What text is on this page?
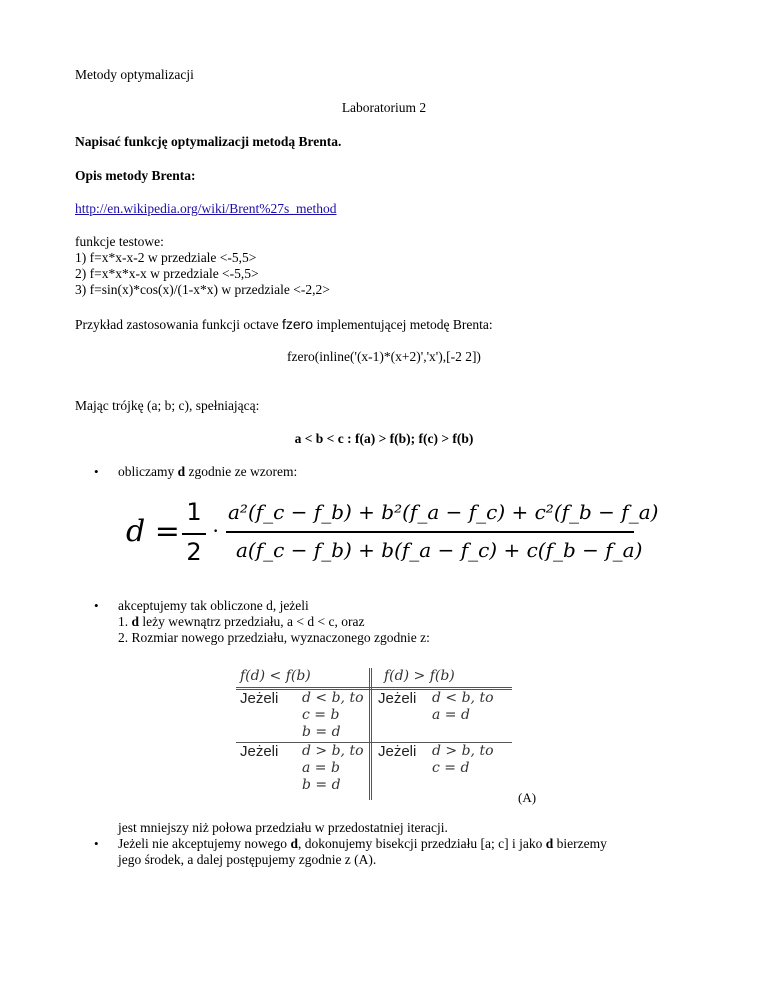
Metody optymalizacji
Laboratorium 2
Napisać funkcję optymalizacji metodą Brenta.
Opis metody Brenta:
http://en.wikipedia.org/wiki/Brent%27s_method
funkcje testowe:
1) f=x*x-x-2 w przedziale <-5,5>
2) f=x*x*x-x w przedziale <-5,5>
3) f=sin(x)*cos(x)/(1-x*x) w przedziale <-2,2>
Przykład zastosowania funkcji octave fzero implementującej metodę Brenta:
fzero(inline('(x-1)*(x+2)','x'),[-2 2])
Mając trójkę (a; b; c), spełniającą:
a < b < c : f(a) > f(b); f(c) > f(b)
• obliczamy d zgodnie ze wzorem:
d =
1
2
·
a²(f_c − f_b) + b²(f_a − f_c) + c²(f_b − f_a)
a(f_c − f_b) + b(f_a − f_c) + c(f_b − f_a)
• akceptujemy tak obliczone d, jeżeli
1. d leży wewnątrz przedziału, a < d < c, oraz
2. Rozmiar nowego przedziału, wyznaczonego zgodnie z:
f(d) < f(b)	f(d) > f(b)
Jeżeli d < b, to
c = b
b = d
Jeżeli d < b, to
a = d
Jeżeli d > b, to
a = b
b = d
Jeżeli d > b, to
c = d
(A)
jest mniejszy niż połowa przedziału w przedostatniej iteracji.
• Jeżeli nie akceptujemy nowego d, dokonujemy bisekcji przedziału [a; c] i jako d bierzemy
jego środek, a dalej postępujemy zgodnie z (A).
